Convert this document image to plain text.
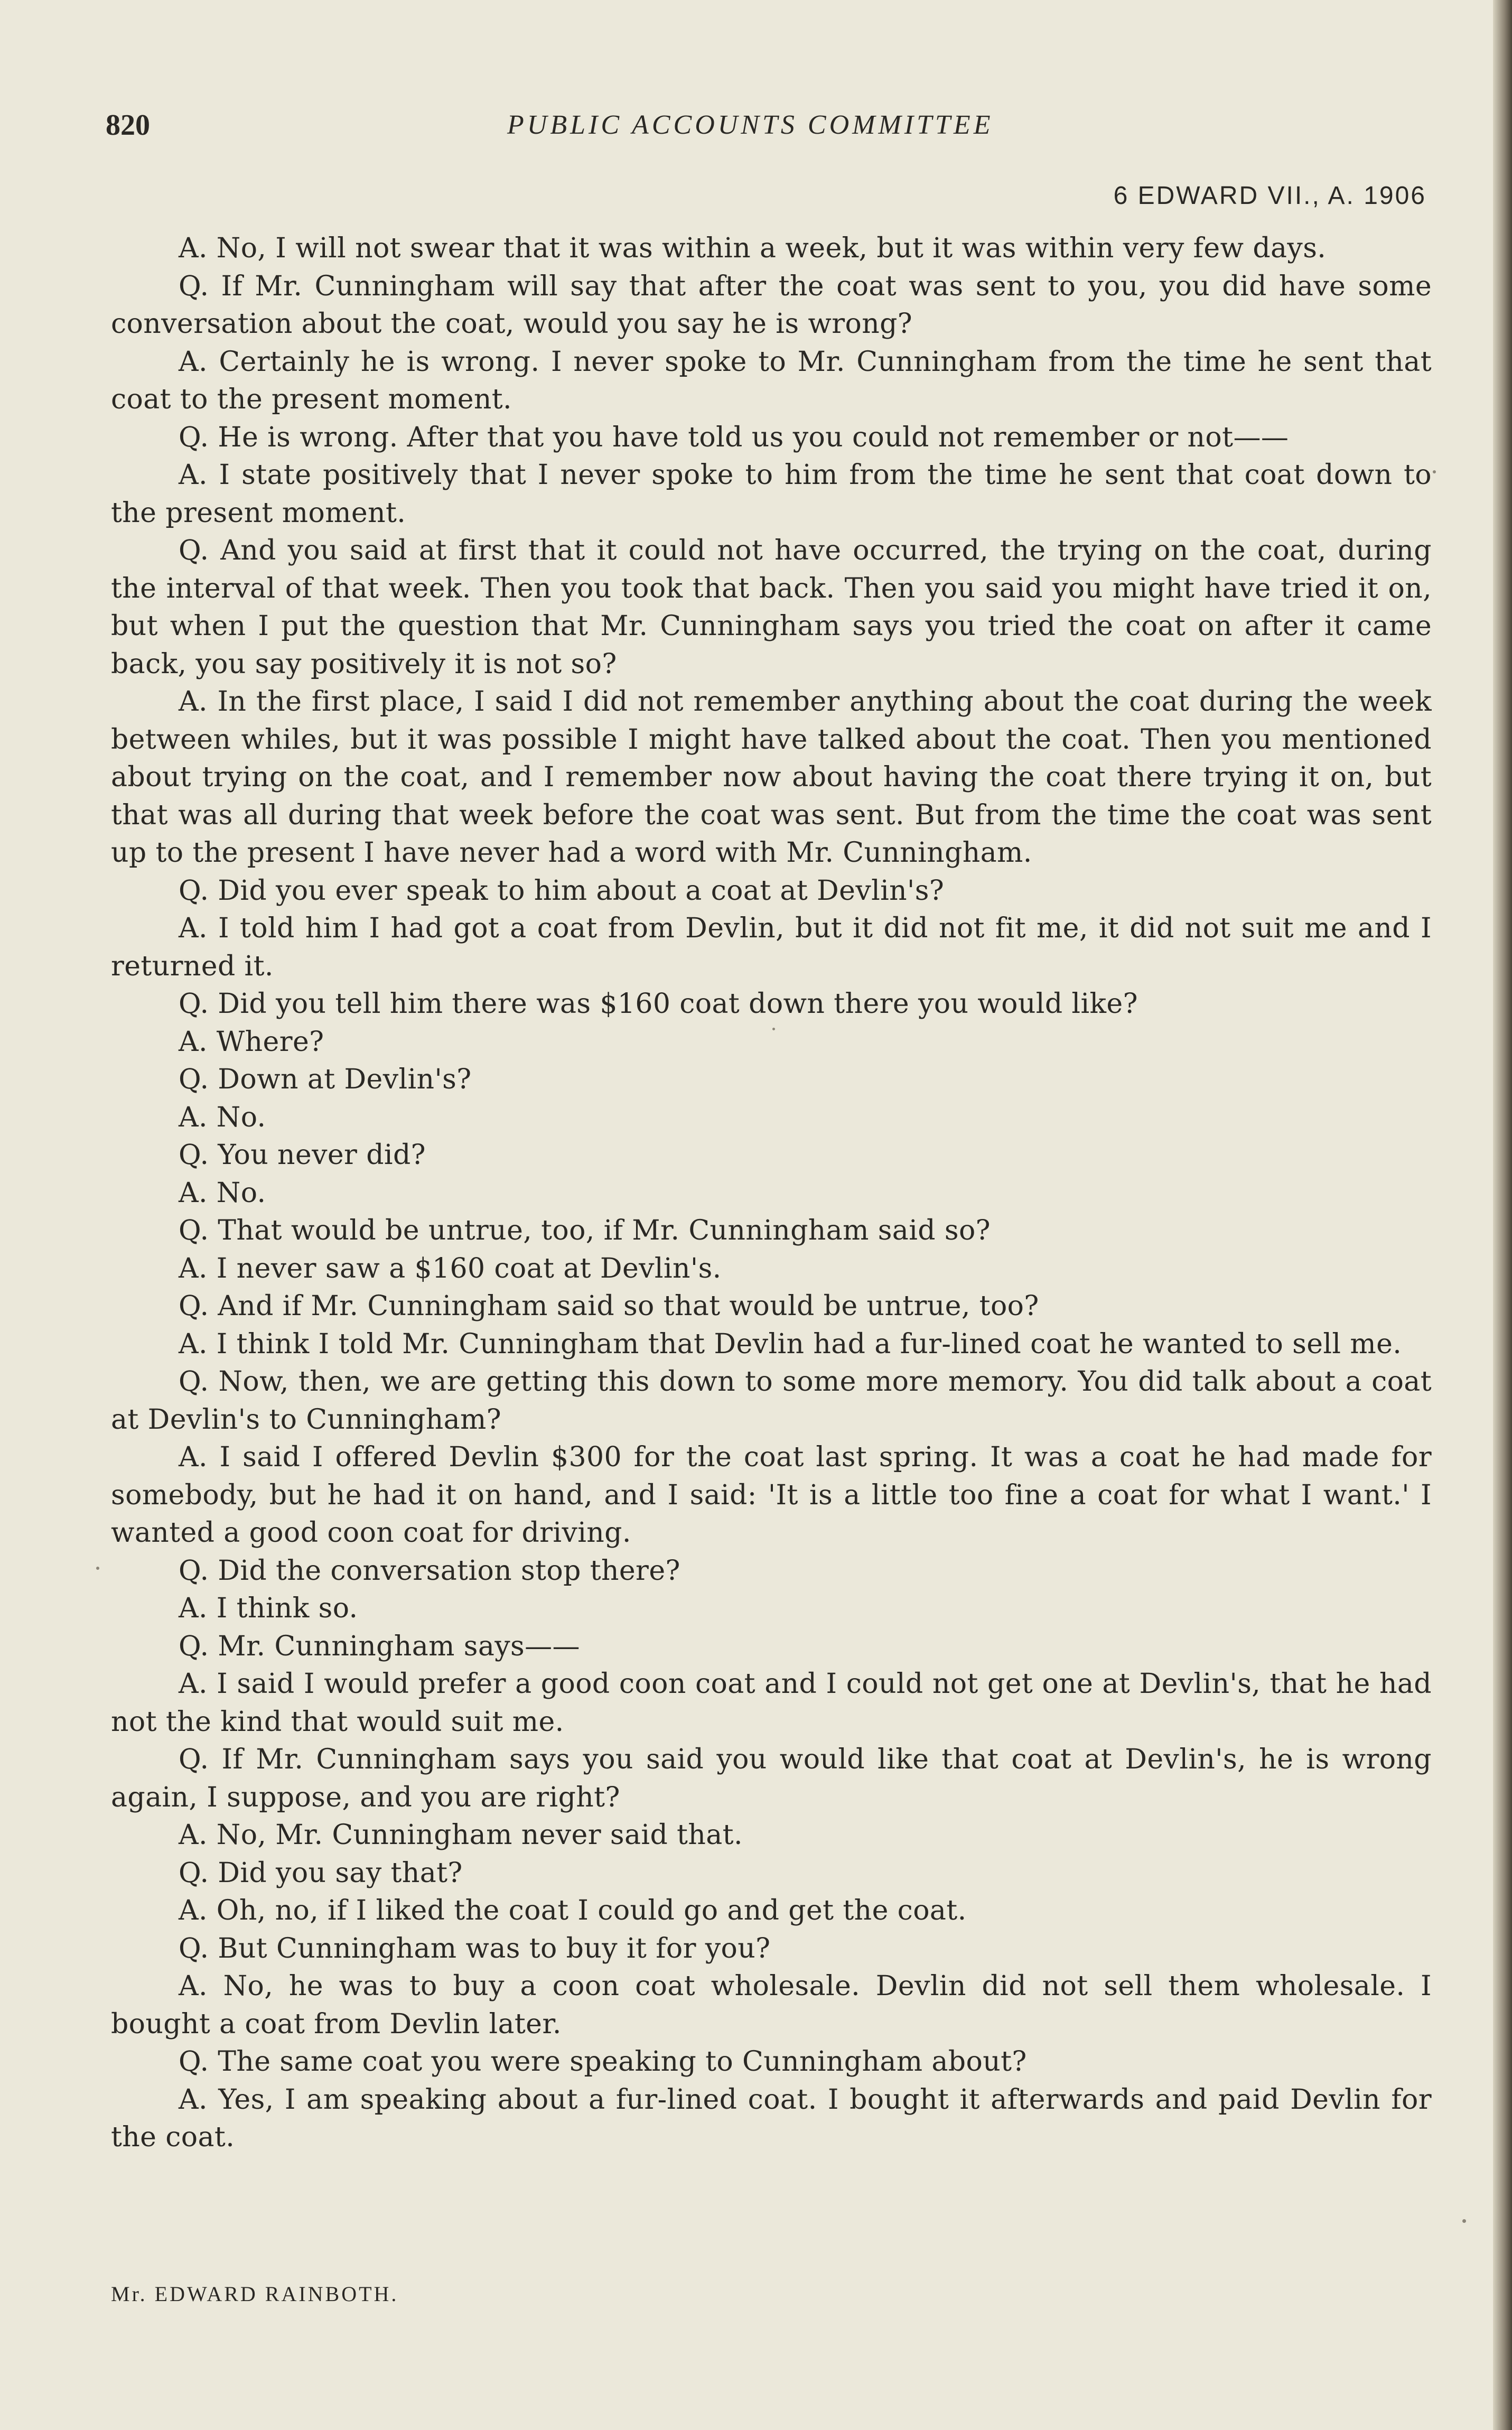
820	PUBLIC ACCOUNTS COMMITTEE
6 EDWARD VII., A. 1906

A. No, I will not swear that it was within a week, but it was within very few days.

Q. If Mr. Cunningham will say that after the coat was sent to you, you did have some conversation about the coat, would you say he is wrong?

A. Certainly he is wrong. I never spoke to Mr. Cunningham from the time he sent that coat to the present moment.

Q. He is wrong. After that you have told us you could not remember or not——

A. I state positively that I never spoke to him from the time he sent that coat down to the present moment.

Q. And you said at first that it could not have occurred, the trying on the coat, during the interval of that week. Then you took that back. Then you said you might have tried it on, but when I put the question that Mr. Cunningham says you tried the coat on after it came back, you say positively it is not so?

A. In the first place, I said I did not remember anything about the coat during the week between whiles, but it was possible I might have talked about the coat. Then you mentioned about trying on the coat, and I remember now about having the coat there trying it on, but that was all during that week before the coat was sent. But from the time the coat was sent up to the present I have never had a word with Mr. Cunningham.

Q. Did you ever speak to him about a coat at Devlin's?

A. I told him I had got a coat from Devlin, but it did not fit me, it did not suit me and I returned it.

Q. Did you tell him there was $160 coat down there you would like?

A. Where?

Q. Down at Devlin's?

A. No.

Q. You never did?

A. No.

Q. That would be untrue, too, if Mr. Cunningham said so?

A. I never saw a $160 coat at Devlin's.

Q. And if Mr. Cunningham said so that would be untrue, too?

A. I think I told Mr. Cunningham that Devlin had a fur-lined coat he wanted to sell me.

Q. Now, then, we are getting this down to some more memory. You did talk about a coat at Devlin's to Cunningham?

A. I said I offered Devlin $300 for the coat last spring. It was a coat he had made for somebody, but he had it on hand, and I said: 'It is a little too fine a coat for what I want.' I wanted a good coon coat for driving.

Q. Did the conversation stop there?

A. I think so.

Q. Mr. Cunningham says——

A. I said I would prefer a good coon coat and I could not get one at Devlin's, that he had not the kind that would suit me.

Q. If Mr. Cunningham says you said you would like that coat at Devlin's, he is wrong again, I suppose, and you are right?

A. No, Mr. Cunningham never said that.

Q. Did you say that?

A. Oh, no, if I liked the coat I could go and get the coat.

Q. But Cunningham was to buy it for you?

A. No, he was to buy a coon coat wholesale. Devlin did not sell them wholesale. I bought a coat from Devlin later.

Q. The same coat you were speaking to Cunningham about?

A. Yes, I am speaking about a fur-lined coat. I bought it afterwards and paid Devlin for the coat.

Mr. EDWARD RAINBOTH.
